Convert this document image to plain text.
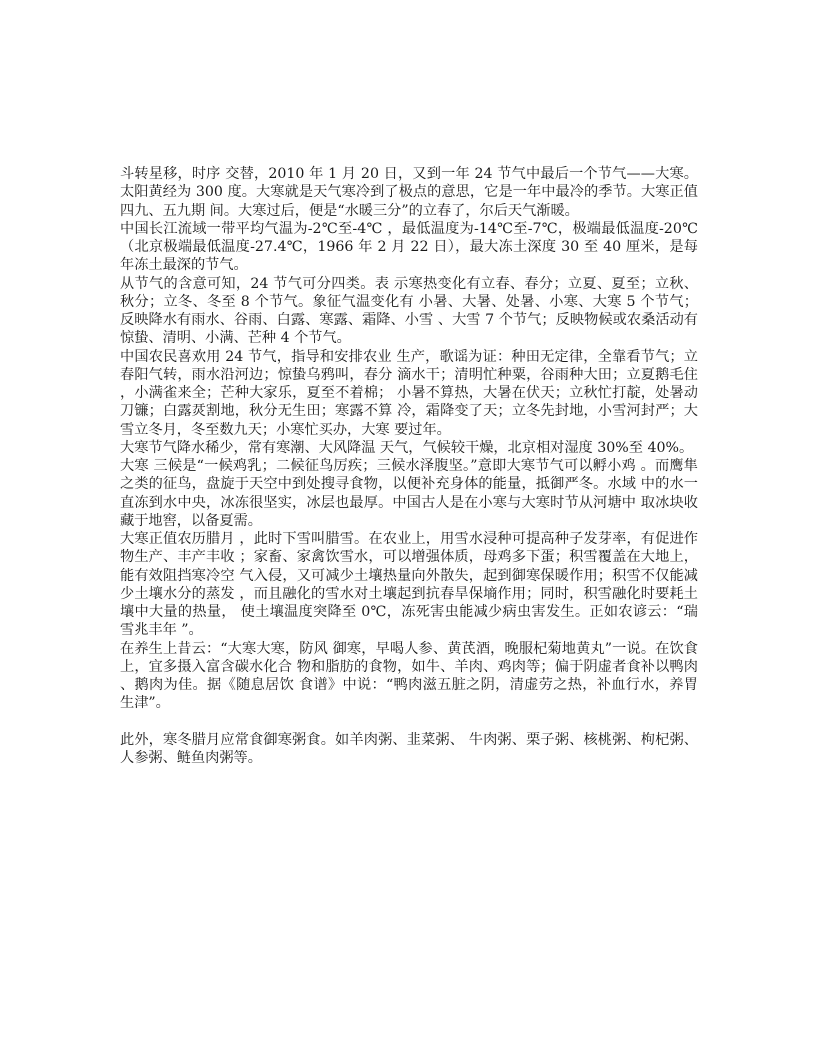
斗转星移，时序 交替，2010 年 1 月 20 日，又到一年 24 节气中最后一个节气——大寒。太阳黄经为 300 度。大寒就是天气寒冷到了极点的意思，它是一年中最冷的季节。大寒正值四九、五九期 间。大寒过后，便是“水暖三分”的立春了，尔后天气渐暖。

中国长江流域一带平均气温为-2℃至-4℃ ，最低温度为-14℃至-7℃，极端最低温度-20℃（北京极端最低温度-27.4℃，1966 年 2 月 22 日），最大冻土深度 30 至 40 厘米，是每年冻土最深的节气。

从节气的含意可知，24 节气可分四类。表 示寒热变化有立春、春分；立夏、夏至；立秋、秋分；立冬、冬至 8 个节气。象征气温变化有 小暑、大暑、处暑、小寒、大寒 5 个节气；反映降水有雨水、谷雨、白露、寒露、霜降、小雪 、大雪 7 个节气；反映物候或农桑活动有惊蛰、清明、小满、芒种 4 个节气。

中国农民喜欢用 24 节气，指导和安排农业 生产，歌谣为证：种田无定律，全靠看节气；立春阳气转，雨水沿河边；惊蛰乌鸦叫，春分 滴水干；清明忙种粟，谷雨种大田；立夏鹅毛住，小满雀来全；芒种大家乐，夏至不着棉； 小暑不算热，大暑在伏天；立秋忙打靛，处暑动刀镰；白露烎割地，秋分无生田；寒露不算 冷，霜降变了天；立冬先封地，小雪河封严；大雪立冬月，冬至数九天；小寒忙买办，大寒 要过年。

大寒节气降水稀少，常有寒潮、大风降温 天气，气候较干燥，北京相对湿度 30%至 40%。

大寒 三候是“一候鸡乳；二候征鸟厉疾；三候水泽腹坚。”意即大寒节气可以孵小鸡 。而鹰隼之类的征鸟，盘旋于天空中到处搜寻食物，以便补充身体的能量，抵御严冬。水域 中的水一直冻到水中央，冰冻很坚实，冰层也最厚。中国古人是在小寒与大寒时节从河塘中 取冰块收藏于地窖，以备夏需。

大寒正值农历腊月 ，此时下雪叫腊雪。在农业上，用雪水浸种可提高种子发芽率，有促进作物生产、丰产丰收 ；家畜、家禽饮雪水，可以增强体质，母鸡多下蛋；积雪覆盖在大地上，能有效阻挡寒冷空 气入侵，又可减少土壤热量向外散失，起到御寒保暖作用；积雪不仅能减少土壤水分的蒸发 ，而且融化的雪水对土壤起到抗春旱保墒作用；同时，积雪融化时要耗土壤中大量的热量， 使土壤温度突降至 0℃，冻死害虫能减少病虫害发生。正如农谚云：“瑞雪兆丰年 ”。

在养生上昔云：“大寒大寒，防风 御寒，早喝人参、黄芪酒，晚服杞菊地黄丸”一说。在饮食上，宜多摄入富含碳水化合 物和脂肪的食物，如牛、羊肉、鸡肉等；偏于阴虚者食补以鸭肉、鹅肉为佳。据《随息居饮 食谱》中说：“鸭肉滋五脏之阴，清虚劳之热，补血行水，养胃生津”。

此外，寒冬腊月应常食御寒粥食。如羊肉粥、韭菜粥、 牛肉粥、栗子粥、核桃粥、枸杞粥、人参粥、鲢鱼肉粥等。
